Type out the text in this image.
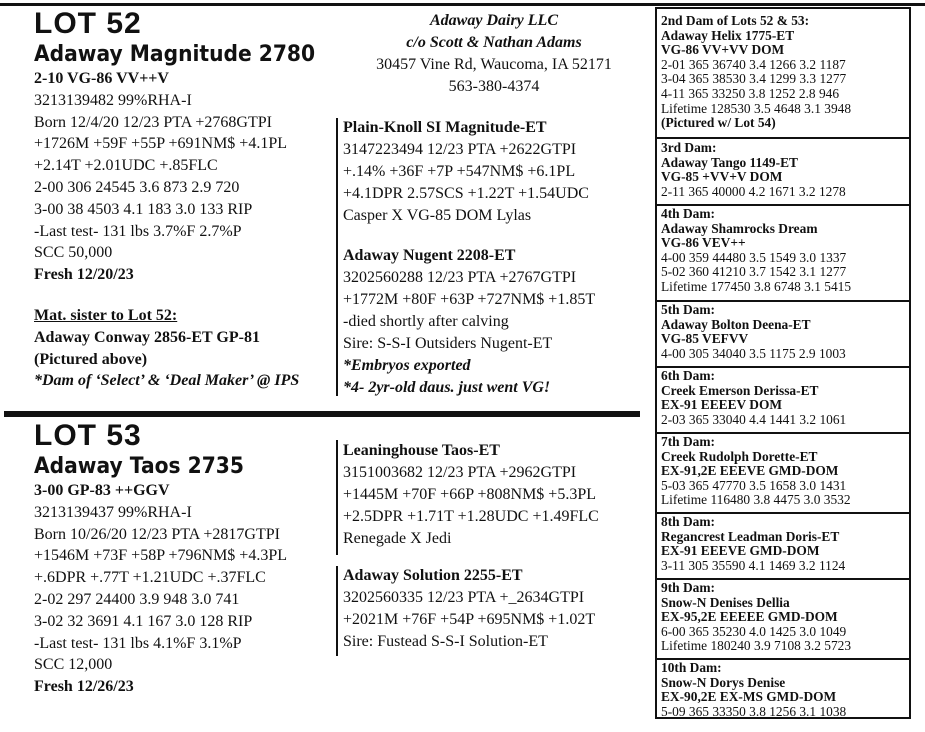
LOT 52
Adaway Magnitude 2780
2-10 VG-86 VV++V
3213139482 99%RHA-I
Born 12/4/20 12/23 PTA +2768GTPI
+1726M +59F +55P +691NM$ +4.1PL
+2.14T +2.01UDC +.85FLC
2-00 306 24545 3.6 873 2.9 720
3-00 38 4503 4.1 183 3.0 133 RIP
-Last test- 131 lbs 3.7%F 2.7%P
SCC 50,000
Fresh 12/20/23
Mat. sister to Lot 52:
Adaway Conway 2856-ET GP-81
(Pictured above)
*Dam of ‘Select’ & ‘Deal Maker’ @ IPS
Adaway Dairy LLC
c/o Scott & Nathan Adams
30457 Vine Rd, Waucoma, IA 52171
563-380-4374
Plain-Knoll SI Magnitude-ET
3147223494 12/23 PTA +2622GTPI
+.14% +36F +7P +547NM$ +6.1PL
+4.1DPR 2.57SCS +1.22T +1.54UDC
Casper X VG-85 DOM Lylas
Adaway Nugent 2208-ET
3202560288 12/23 PTA +2767GTPI
+1772M +80F +63P +727NM$ +1.85T
-died shortly after calving
Sire: S-S-I Outsiders Nugent-ET
*Embryos exported
*4- 2yr-old daus. just went VG!
LOT 53
Adaway Taos 2735
3-00 GP-83 ++GGV
3213139437 99%RHA-I
Born 10/26/20 12/23 PTA +2817GTPI
+1546M +73F +58P +796NM$ +4.3PL
+.6DPR +.77T +1.21UDC +.37FLC
2-02 297 24400 3.9 948 3.0 741
3-02 32 3691 4.1 167 3.0 128 RIP
-Last test- 131 lbs 4.1%F 3.1%P
SCC 12,000
Fresh 12/26/23
Leaninghouse Taos-ET
3151003682 12/23 PTA +2962GTPI
+1445M +70F +66P +808NM$ +5.3PL
+2.5DPR +1.71T +1.28UDC +1.49FLC
Renegade X Jedi
Adaway Solution 2255-ET
3202560335 12/23 PTA +_2634GTPI
+2021M +76F +54P +695NM$ +1.02T
Sire: Fustead S-S-I Solution-ET
2nd Dam of Lots 52 & 53:
Adaway Helix 1775-ET
VG-86 VV+VV DOM
2-01 365 36740 3.4 1266 3.2 1187
3-04 365 38530 3.4 1299 3.3 1277
4-11 365 33250 3.8 1252 2.8 946
Lifetime 128530 3.5 4648 3.1 3948
(Pictured w/ Lot 54)
3rd Dam:
Adaway Tango 1149-ET
VG-85 +VV+V DOM
2-11 365 40000 4.2 1671 3.2 1278
4th Dam:
Adaway Shamrocks Dream
VG-86 VEV++
4-00 359 44480 3.5 1549 3.0 1337
5-02 360 41210 3.7 1542 3.1 1277
Lifetime 177450 3.8 6748 3.1 5415
5th Dam:
Adaway Bolton Deena-ET
VG-85 VEFVV
4-00 305 34040 3.5 1175 2.9 1003
6th Dam:
Creek Emerson Derissa-ET
EX-91 EEEEV DOM
2-03 365 33040 4.4 1441 3.2 1061
7th Dam:
Creek Rudolph Dorette-ET
EX-91,2E EEEVE GMD-DOM
5-03 365 47770 3.5 1658 3.0 1431
Lifetime 116480 3.8 4475 3.0 3532
8th Dam:
Regancrest Leadman Doris-ET
EX-91 EEEVE GMD-DOM
3-11 305 35590 4.1 1469 3.2 1124
9th Dam:
Snow-N Denises Dellia
EX-95,2E EEEEE GMD-DOM
6-00 365 35230 4.0 1425 3.0 1049
Lifetime 180240 3.9 7108 3.2 5723
10th Dam:
Snow-N Dorys Denise
EX-90,2E EX-MS GMD-DOM
5-09 365 33350 3.8 1256 3.1 1038
